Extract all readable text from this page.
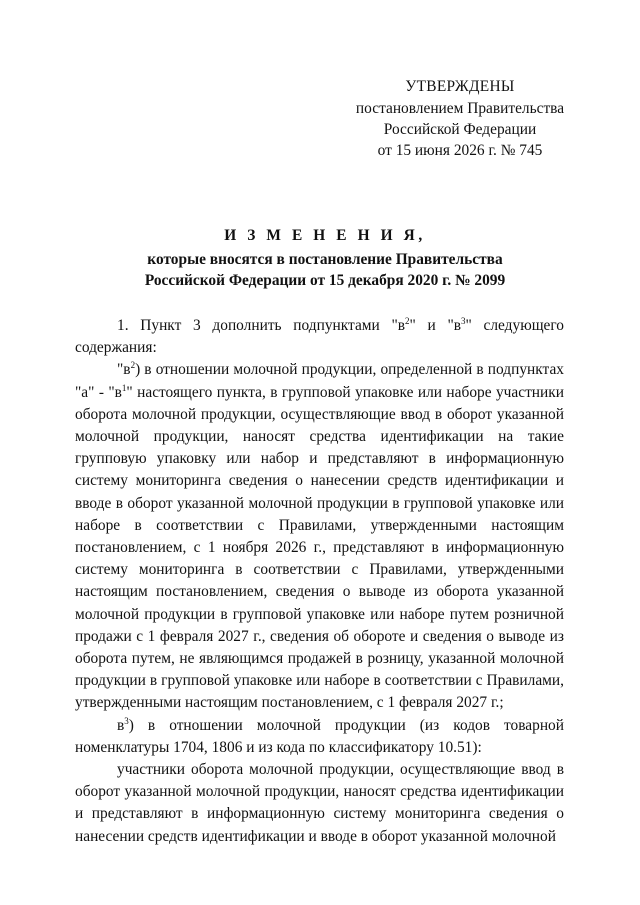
УТВЕРЖДЕНЫ
постановлением Правительства
Российской Федерации
от 15 июня 2026 г. № 745
И З М Е Н Е Н И Я,
которые вносятся в постановление Правительства
Российской Федерации от 15 декабря 2020 г. № 2099

1. Пункт 3 дополнить подпунктами "$в^2$" и "$в^3$" следующего содержания:

"$в^2$) в отношении молочной продукции, определенной в подпунктах "а" - "$в^1$" настоящего пункта, в групповой упаковке или наборе участники оборота молочной продукции, осуществляющие ввод в оборот указанной молочной продукции, наносят средства идентификации на такие групповую упаковку или набор и представляют в информационную систему мониторинга сведения о нанесении средств идентификации и вводе в оборот указанной молочной продукции в групповой упаковке или наборе в соответствии с Правилами, утвержденными настоящим постановлением, с 1 ноября 2026 г., представляют в информационную систему мониторинга в соответствии с Правилами, утвержденными настоящим постановлением, сведения о выводе из оборота указанной молочной продукции в групповой упаковке или наборе путем розничной продажи с 1 февраля 2027 г., сведения об обороте и сведения о выводе из оборота путем, не являющимся продажей в розницу, указанной молочной продукции в групповой упаковке или наборе в соответствии с Правилами, утвержденными настоящим постановлением, с 1 февраля 2027 г.;

$в^3$) в отношении молочной продукции (из кодов товарной номенклатуры 1704, 1806 и из кода по классификатору 10.51):

участники оборота молочной продукции, осуществляющие ввод в оборот указанной молочной продукции, наносят средства идентификации и представляют в информационную систему мониторинга сведения о нанесении средств идентификации и вводе в оборот указанной молочной
